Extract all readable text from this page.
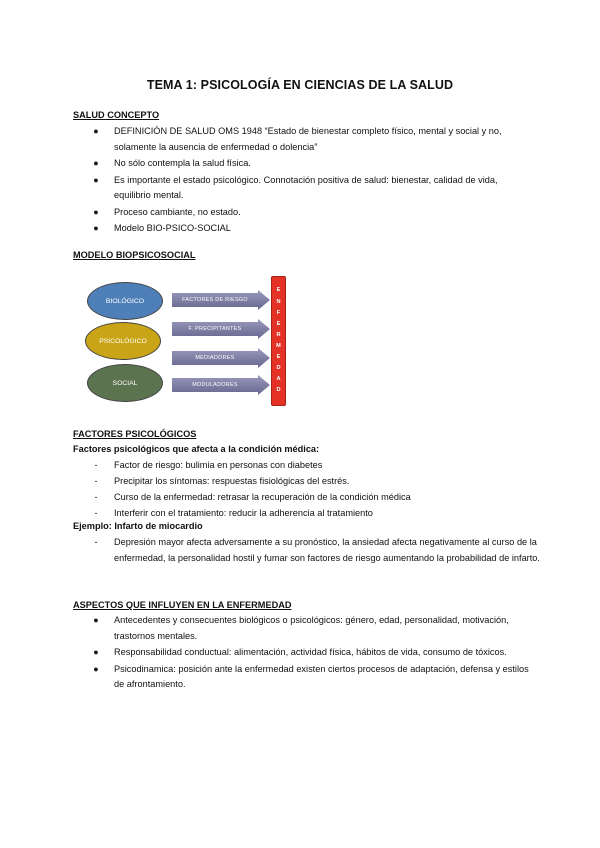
TEMA 1: PSICOLOGÍA EN CIENCIAS DE LA SALUD
SALUD CONCEPTO
●	DEFINICIÓN DE SALUD OMS 1948 “Estado de bienestar completo físico, mental y social y no, solamente la ausencia de enfermedad o dolencia”
●	No sólo contempla la salud física.
●	Es importante el estado psicológico. Connotación positiva de salud: bienestar, calidad de vida, equilibrio mental.
●	Proceso cambiante, no estado.
●	Modelo BIO-PSICO-SOCIAL
MODELO BIOPSICOSOCIAL
BIOLÓGICO
PSICOLÓGICO
SOCIAL
FACTORES DE RIESGO
F. PRECIPITANTES
MEDIADORES
MODULADORES
E
N
F
E
R
M
E
D
A
D
FACTORES PSICOLÓGICOS
Factores psicológicos que afecta a la condición médica:
-	Factor de riesgo: bulimia en personas con diabetes
-	Precipitar los síntomas: respuestas fisiológicas del estrés.
-	Curso de la enfermedad: retrasar la recuperación de la condición médica
-	Interferir con el tratamiento: reducir la adherencia al tratamiento
Ejemplo: Infarto de miocardio
-	Depresión mayor afecta adversamente a su pronóstico, la ansiedad afecta negativamente al curso de la enfermedad, la personalidad hostil y fumar son factores de riesgo aumentando la probabilidad de infarto.
ASPECTOS QUE INFLUYEN EN LA ENFERMEDAD
●	Antecedentes y consecuentes biológicos o psicológicos: género, edad, personalidad, motivación, trastornos mentales.
●	Responsabilidad conductual: alimentación, actividad física, hábitos de vida, consumo de tóxicos.
●	Psicodinamica: posición ante la enfermedad existen ciertos procesos de adaptación, defensa y estilos de afrontamiento.
